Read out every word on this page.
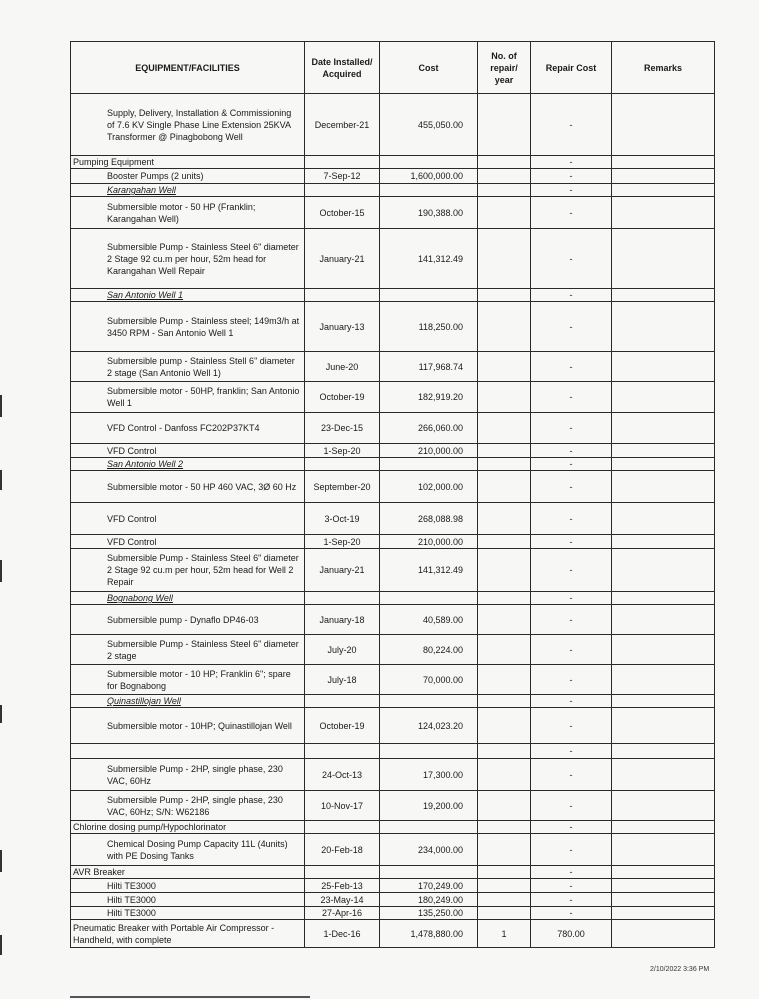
EQUIPMENT/FACILITIES	Date Installed/ Acquired	Cost	No. of repair/ year	Repair Cost	Remarks
Supply, Delivery, Installation & Commissioning of 7.6 KV Single Phase Line Extension 25KVA Transformer @ Pinagbobong Well	December-21	455,050.00		-	
Pumping Equipment				-	
Booster Pumps (2 units)	7-Sep-12	1,600,000.00		-	
Karangahan Well				-	
Submersible motor - 50 HP (Franklin; Karangahan Well)	October-15	190,388.00		-	
Submersible Pump - Stainless Steel 6" diameter 2 Stage 92 cu.m per hour, 52m head for Karangahan Well Repair	January-21	141,312.49		-	
San Antonio Well 1				-	
Submersible Pump - Stainless steel; 149m3/h at 3450 RPM - San Antonio Well 1	January-13	118,250.00		-	
Submersible pump - Stainless Stell 6" diameter 2 stage (San Antonio Well 1)	June-20	117,968.74		-	
Submersible motor - 50HP, franklin; San Antonio Well 1	October-19	182,919.20		-	
VFD Control - Danfoss FC202P37KT4	23-Dec-15	266,060.00		-	
VFD Control	1-Sep-20	210,000.00		-	
San Antonio Well 2				-	
Submersible motor - 50 HP 460 VAC, 3Ø 60 Hz	September-20	102,000.00		-	
VFD Control	3-Oct-19	268,088.98		-	
VFD Control	1-Sep-20	210,000.00		-	
Submersible Pump - Stainless Steel 6" diameter 2 Stage 92 cu.m per hour, 52m head for Well 2 Repair	January-21	141,312.49		-	
Bognabong Well				-	
Submersible pump - Dynaflo DP46-03	January-18	40,589.00		-	
Submersible Pump - Stainless Steel 6" diameter 2 stage	July-20	80,224.00		-	
Submersible motor - 10 HP; Franklin 6"; spare for Bognabong	July-18	70,000.00		-	
Quinastillojan Well				-	
Submersible motor - 10HP; Quinastillojan Well	October-19	124,023.20		-	
				-	
Submersible Pump - 2HP, single phase, 230 VAC, 60Hz	24-Oct-13	17,300.00		-	
Submersible Pump - 2HP, single phase, 230 VAC, 60Hz; S/N: W62186	10-Nov-17	19,200.00		-	
Chlorine dosing pump/Hypochlorinator				-	
Chemical Dosing Pump Capacity 11L (4units) with PE Dosing Tanks	20-Feb-18	234,000.00		-	
AVR Breaker				-	
Hilti TE3000	25-Feb-13	170,249.00		-	
Hilti TE3000	23-May-14	180,249.00		-	
Hilti TE3000	27-Apr-16	135,250.00		-	
Pneumatic Breaker with Portable Air Compressor - Handheld, with complete	1-Dec-16	1,478,880.00	1	780.00	
2/10/2022 3:36 PM
